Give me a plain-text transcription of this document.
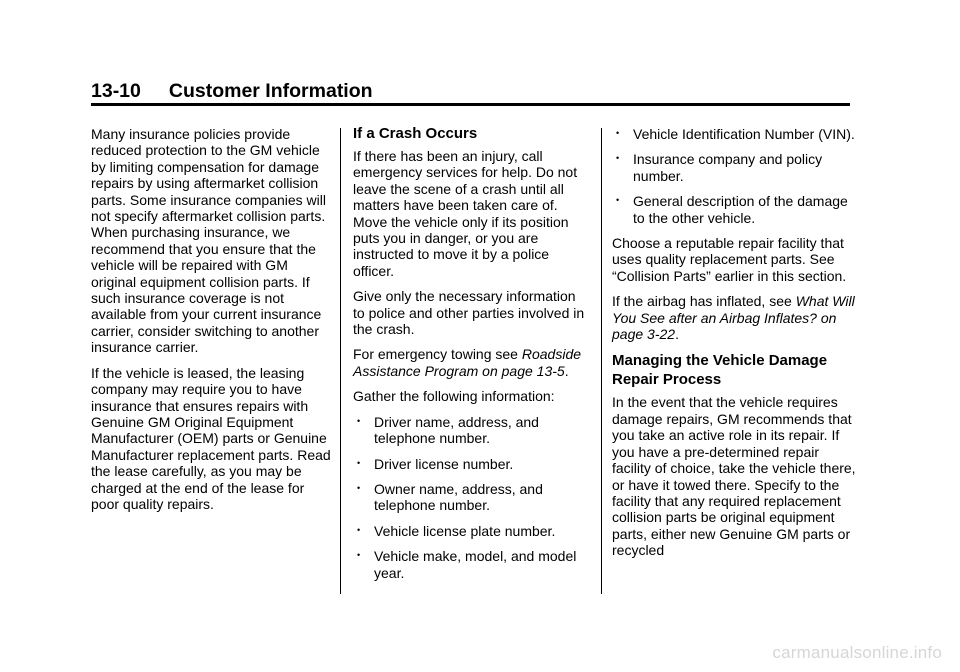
13-10 Customer Information

Many insurance policies provide reduced protection to the GM vehicle by limiting compensation for damage repairs by using aftermarket collision parts. Some insurance companies will not specify aftermarket collision parts. When purchasing insurance, we recommend that you ensure that the vehicle will be repaired with GM original equipment collision parts. If such insurance coverage is not available from your current insurance carrier, consider switching to another insurance carrier.

If the vehicle is leased, the leasing company may require you to have insurance that ensures repairs with Genuine GM Original Equipment Manufacturer (OEM) parts or Genuine Manufacturer replacement parts. Read the lease carefully, as you may be charged at the end of the lease for poor quality repairs.

If a Crash Occurs

If there has been an injury, call emergency services for help. Do not leave the scene of a crash until all matters have been taken care of. Move the vehicle only if its position puts you in danger, or you are instructed to move it by a police officer.

Give only the necessary information to police and other parties involved in the crash.

For emergency towing see Roadside Assistance Program on page 13-5.

Gather the following information:

• Driver name, address, and telephone number.
• Driver license number.
• Owner name, address, and telephone number.
• Vehicle license plate number.
• Vehicle make, model, and model year.
• Vehicle Identification Number (VIN).
• Insurance company and policy number.
• General description of the damage to the other vehicle.

Choose a reputable repair facility that uses quality replacement parts. See “Collision Parts” earlier in this section.

If the airbag has inflated, see What Will You See after an Airbag Inflates? on page 3-22.

Managing the Vehicle Damage Repair Process

In the event that the vehicle requires damage repairs, GM recommends that you take an active role in its repair. If you have a pre-determined repair facility of choice, take the vehicle there, or have it towed there. Specify to the facility that any required replacement collision parts be original equipment parts, either new Genuine GM parts or recycled

carmanualsonline.info
